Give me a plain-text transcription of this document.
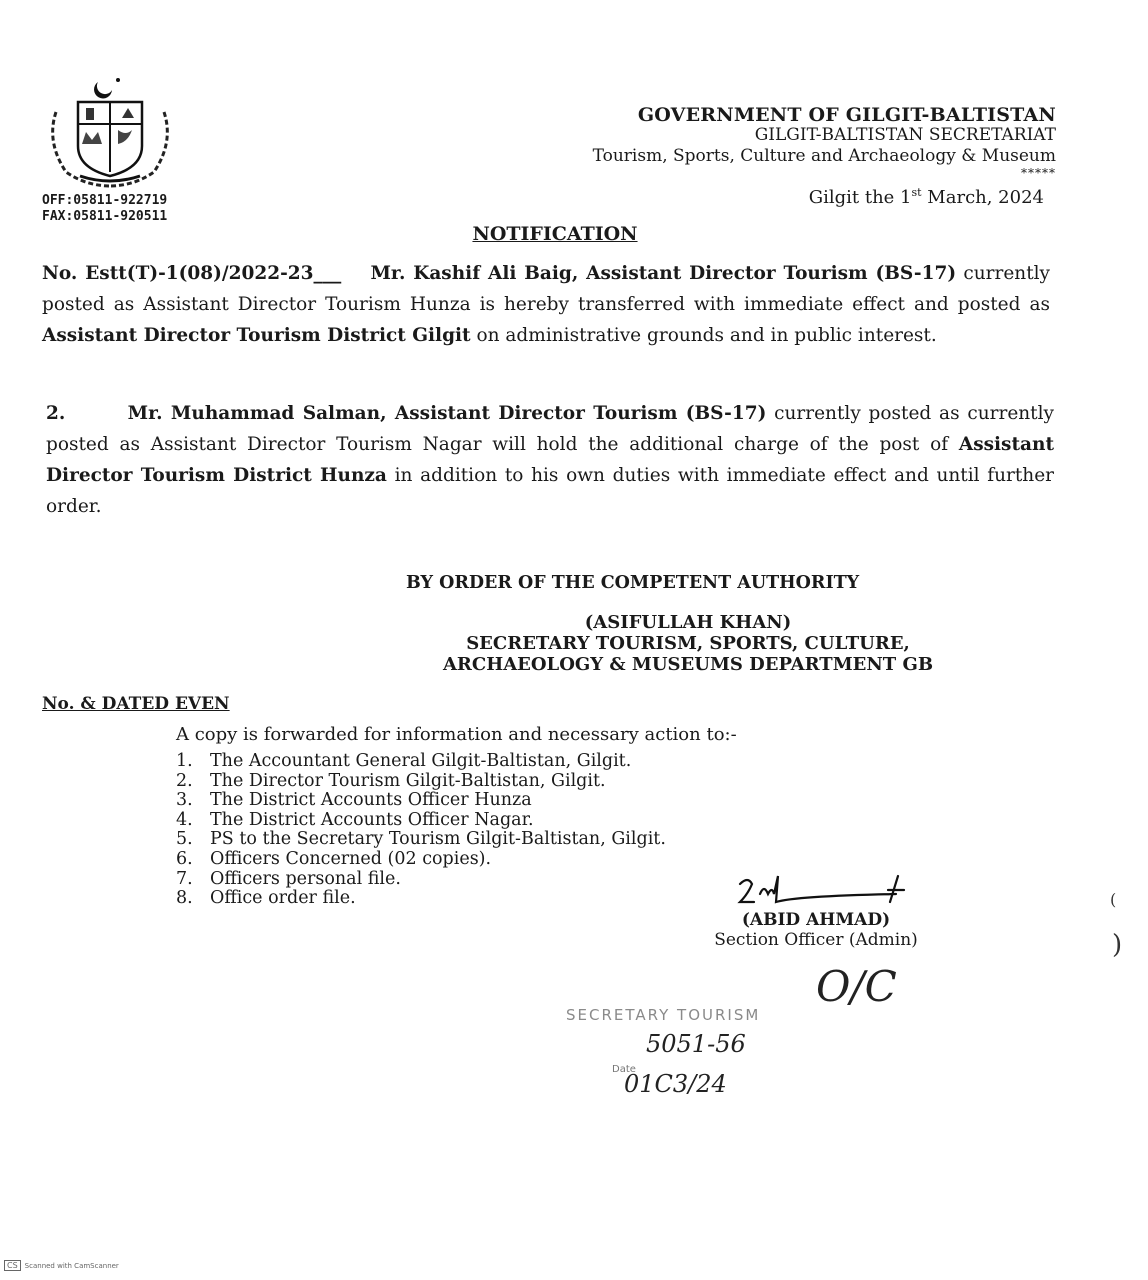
GOVERNMENT OF GILGIT-BALTISTAN
GILGIT-BALTISTAN SECRETARIAT
Tourism, Sports, Culture and Archaeology & Museum
*****
OFF:05811-922719
FAX:05811-920511
Gilgit the 1st March, 2024
NOTIFICATION
No. Estt(T)-1(08)/2022-23___ Mr. Kashif Ali Baig, Assistant Director Tourism (BS-17) currently posted as Assistant Director Tourism Hunza is hereby transferred with immediate effect and posted as Assistant Director Tourism District Gilgit on administrative grounds and in public interest.
2.	Mr. Muhammad Salman, Assistant Director Tourism (BS-17) currently posted as currently posted as Assistant Director Tourism Nagar will hold the additional charge of the post of Assistant Director Tourism District Hunza in addition to his own duties with immediate effect and until further order.
BY ORDER OF THE COMPETENT AUTHORITY
(ASIFULLAH KHAN)
SECRETARY TOURISM, SPORTS, CULTURE,
ARCHAEOLOGY & MUSEUMS DEPARTMENT GB
No. & DATED EVEN
A copy is forwarded for information and necessary action to:-
1. The Accountant General Gilgit-Baltistan, Gilgit.
2. The Director Tourism Gilgit-Baltistan, Gilgit.
3. The District Accounts Officer Hunza
4. The District Accounts Officer Nagar.
5. PS to the Secretary Tourism Gilgit-Baltistan, Gilgit.
6. Officers Concerned (02 copies).
7. Officers personal file.
8. Office order file.
(ABID AHMAD)
Section Officer (Admin)
SECRETARY TOURISM
5051-56
Date
01C3/24
O/C
(
)
CS Scanned with CamScanner
